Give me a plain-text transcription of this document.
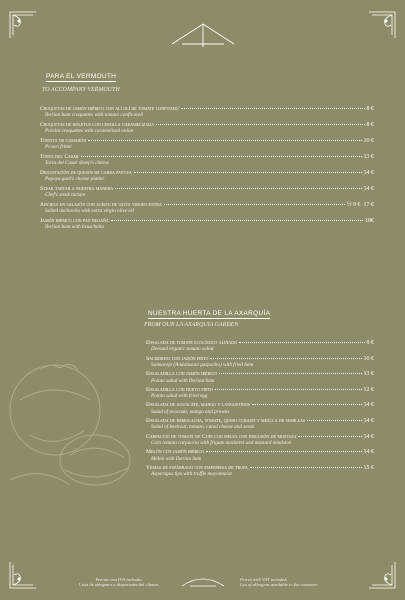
PARA EL VERMOUTH
TO ACCOMPANY VERMOUTH
Croquetas de jamón ibérico con alí olí de tomate confitado	8 €
Iberian ham croquettes with tomato confit aioli
Croquetas de boletus con cebolla caramelizada	8 €
Porcini croquettes with caramelised onion
Tortita de camarón	10 €
Prawn fritter
Torta del Casar	13 €
Torta del Casar sheep's cheese
Degustación de quesos de cabra payoya	14 €
Payoya goat's cheese platter
Steak tartar a nuestra manera	14 €
Chef's steak tartare
Anchoa en salazón con aceite de oliva virgen extra	½ 9 € 17 €
Salted anchovies with extra virgin olive oil
Jamón ibérico con pan regañá	18€
Iberian ham with bruschetta
NUESTRA HUERTA DE LA AXARQUÍA
FROM OUR LA AXARQUIA GARDEN
Ensalada de tomate ecológico aliñado	9 €
Dressed organic tomato salad
Salmorejo con jamón frito	10 €
Salmorejo (Andalusian gazpacho) with fried ham
Ensaladilla con jamón ibérico	13 €
Potato salad with Iberian ham
Ensaladilla con huevo frito	12 €
Potato salad with fried egg
Ensalada de aguacate, mango y langostinos	14 €
Salad of avocado, mango and prawns
Ensalada de remolacha, tomate, queso curado y mezcla de semillas	14 €
Salad of beetroot, tomato, cured cheese and seeds
Carpaccio de tomate de Coín con melva con emulsión de mostaza	14 €
Coín tomato carpaccio with frigate mackerel and mustard emulsion
Melón con jamón ibérico	14 €
Melon with Iberian ham
Yemas de espárrago con mahonesa de trufa	15 €
Asparagus tips with truffle mayonnaise
Precios con IVA incluido.
Lista de alérgenos a disposición del cliente.
Prices with VAT included.
List of allergens available to the customer.
